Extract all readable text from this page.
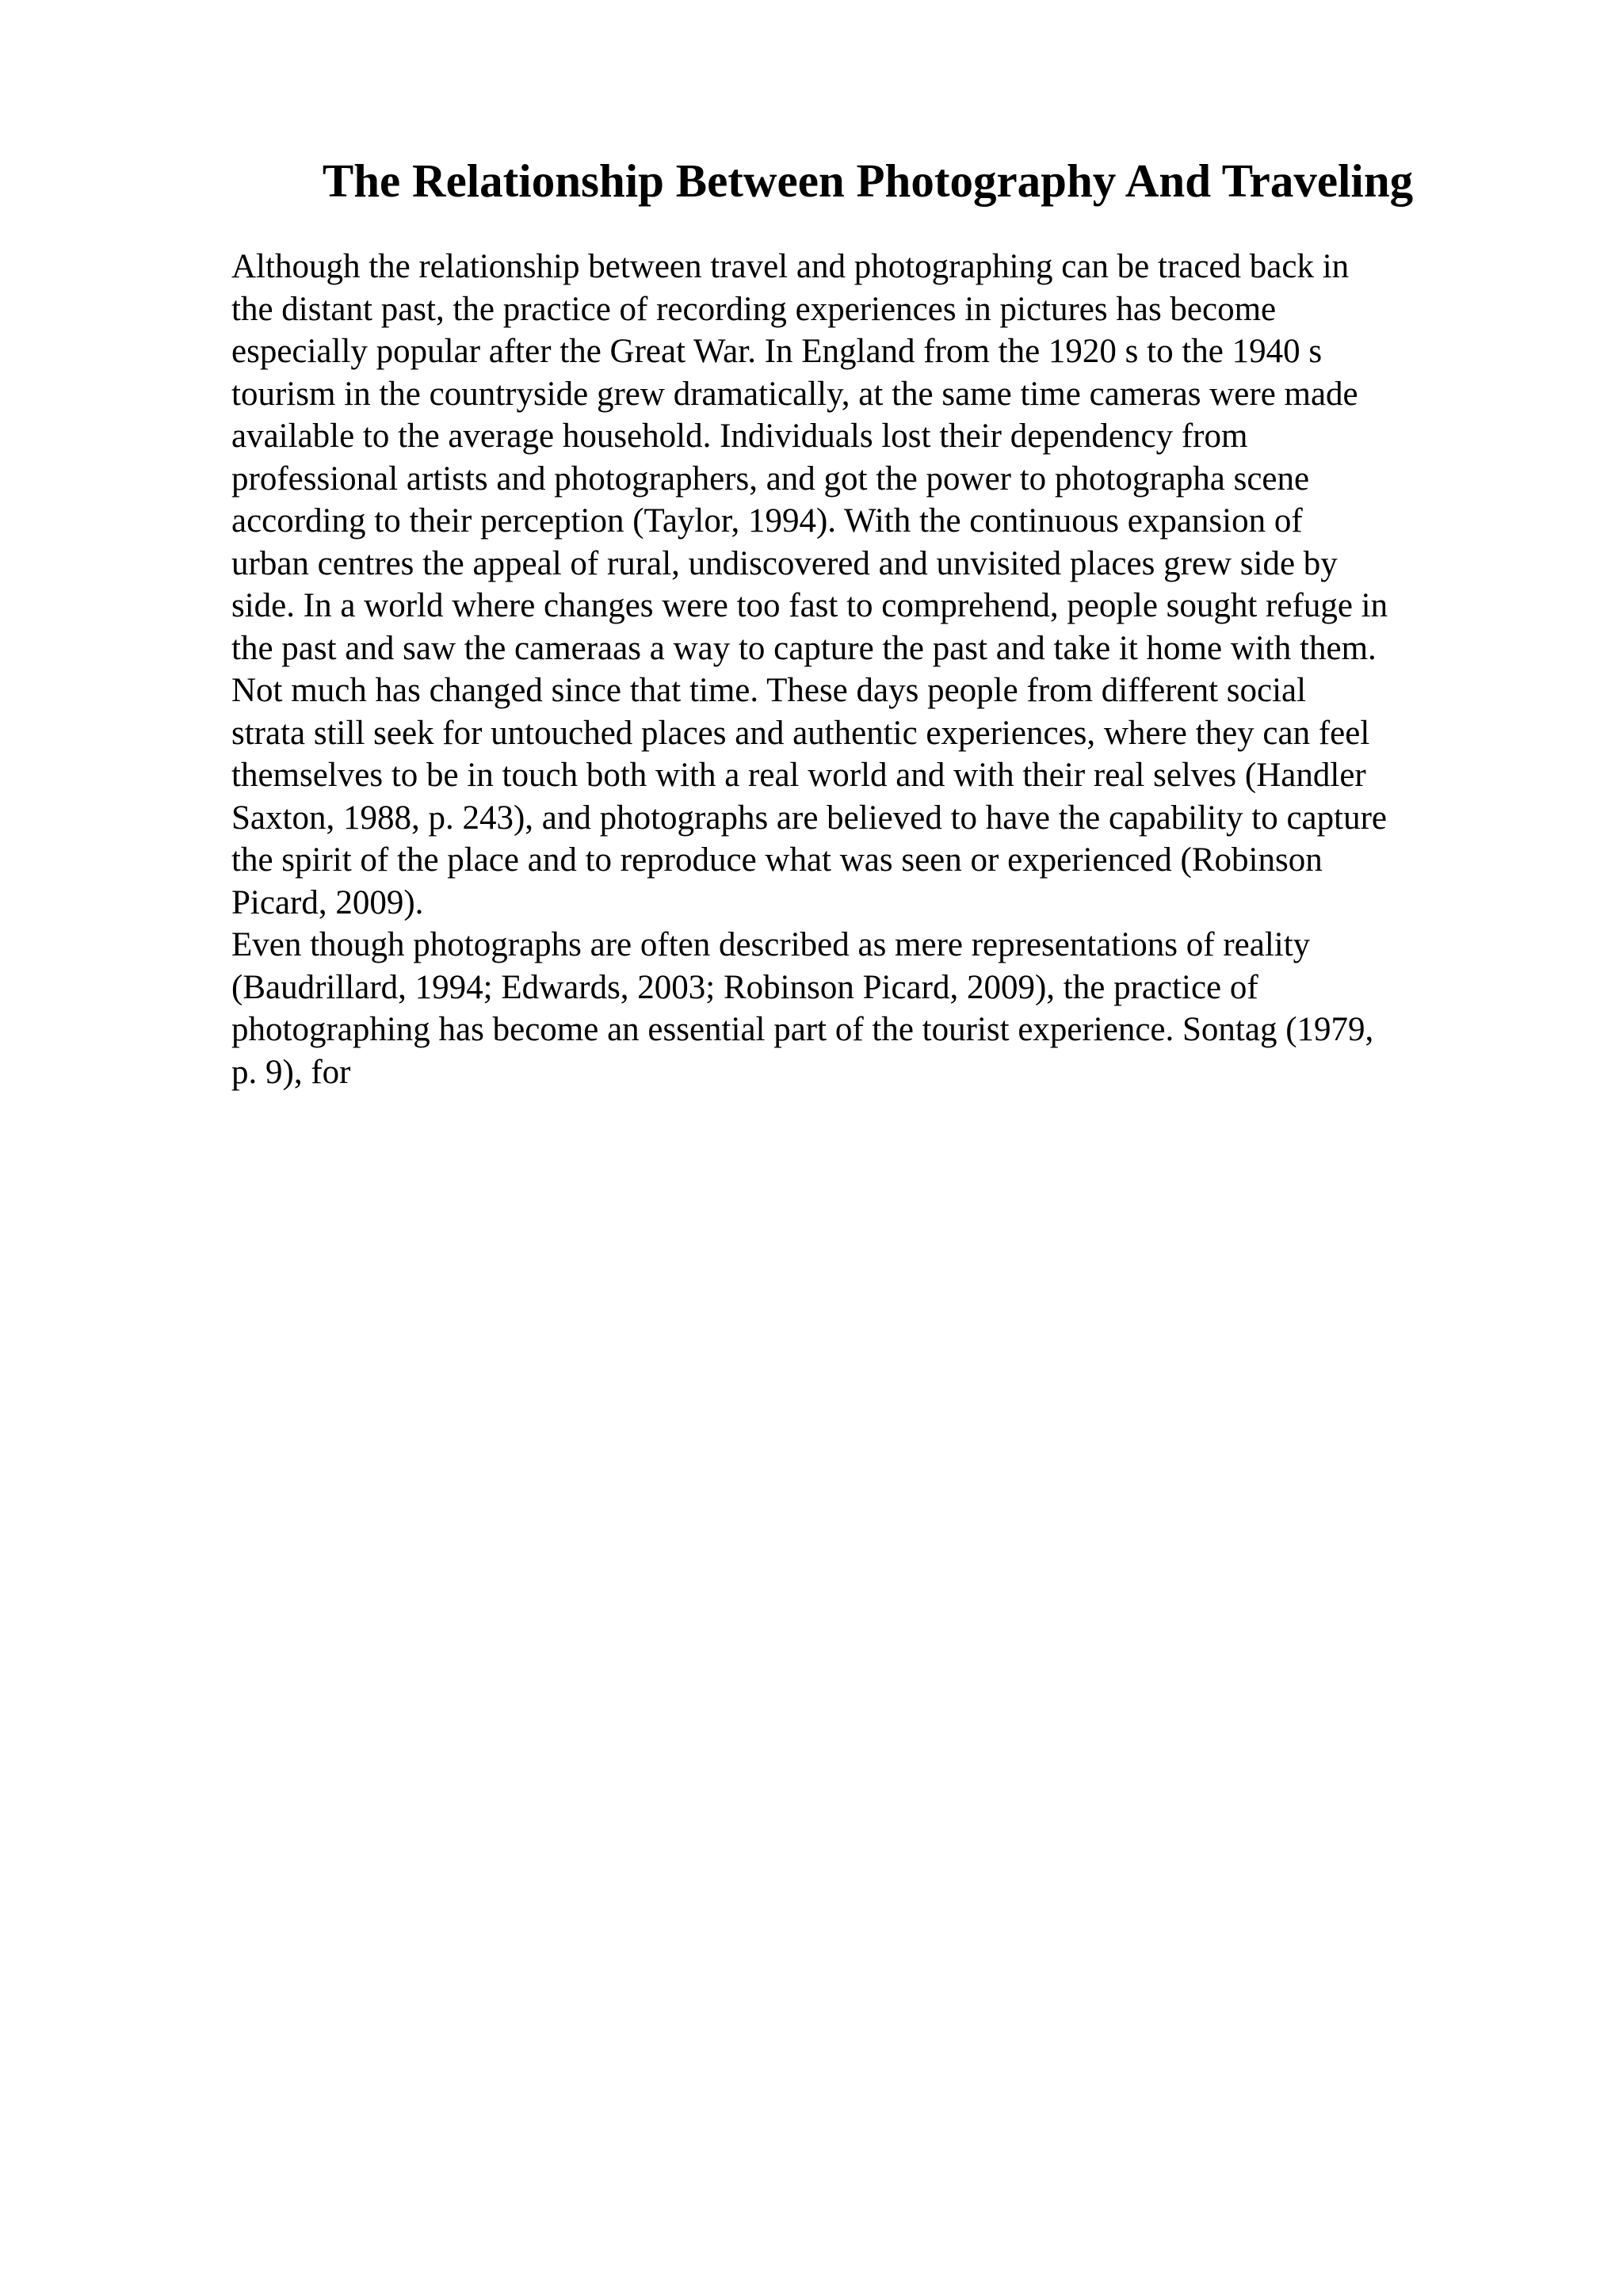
The Relationship Between Photography And Traveling
Although the relationship between travel and photographing can be traced back in
the distant past, the practice of recording experiences in pictures has become
especially popular after the Great War. In England from the 1920 s to the 1940 s
tourism in the countryside grew dramatically, at the same time cameras were made
available to the average household. Individuals lost their dependency from
professional artists and photographers, and got the power to photographa scene
according to their perception (Taylor, 1994). With the continuous expansion of
urban centres the appeal of rural, undiscovered and unvisited places grew side by
side. In a world where changes were too fast to comprehend, people sought refuge in
the past and saw the cameraas a way to capture the past and take it home with them.
Not much has changed since that time. These days people from different social
strata still seek for untouched places and authentic experiences, where they can feel
themselves to be in touch both with a real world and with their real selves (Handler
Saxton, 1988, p. 243), and photographs are believed to have the capability to capture
the spirit of the place and to reproduce what was seen or experienced (Robinson
Picard, 2009).
Even though photographs are often described as mere representations of reality
(Baudrillard, 1994; Edwards, 2003; Robinson Picard, 2009), the practice of
photographing has become an essential part of the tourist experience. Sontag (1979,
p. 9), for
